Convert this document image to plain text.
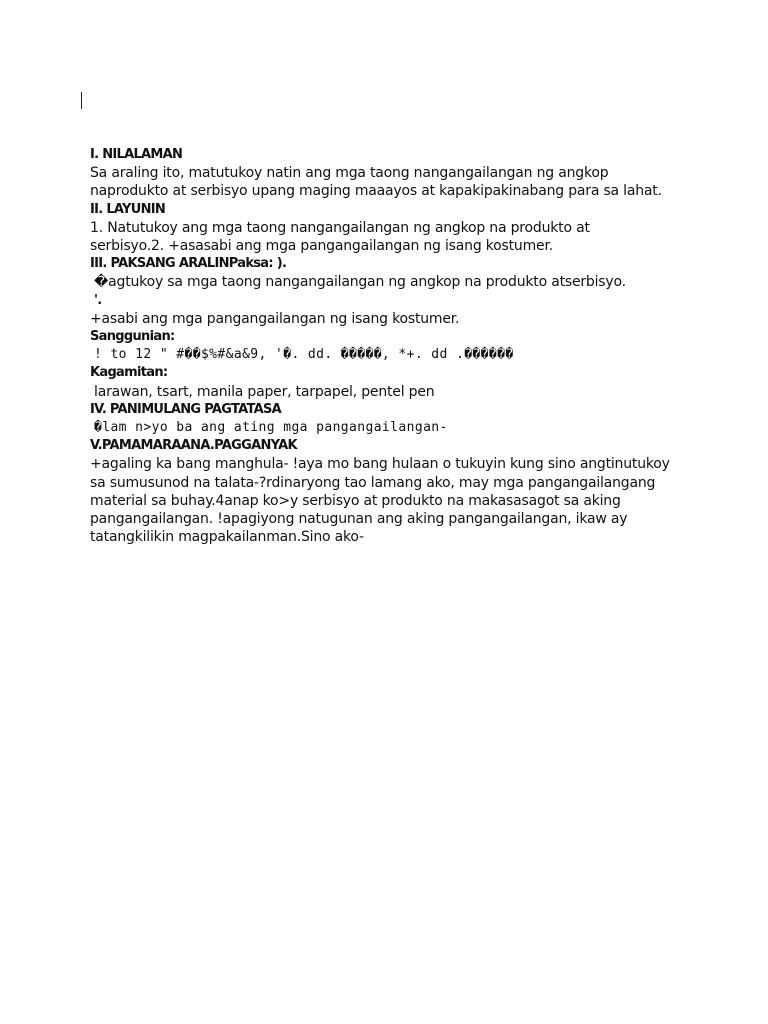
I. NILALAMAN
Sa araling ito, matutukoy natin ang mga taong nangangailangan ng angkop
naprodukto at serbisyo upang maging maaayos at kapakipakinabang para sa lahat.
II. LAYUNIN
1. Natutukoy ang mga taong nangangailangan ng angkop na produkto at
serbisyo.2. +asasabi ang mga pangangailangan ng isang kostumer.
III. PAKSANG ARALINPaksa: ).
�agtukoy sa mga taong nangangailangan ng angkop na produkto atserbisyo.
'.
+asabi ang mga pangangailangan ng isang kostumer.
Sanggunian:
! to 12 " #��$%#&a&9, '�. dd. �����, *+. dd .������
Kagamitan:
larawan, tsart, manila paper, tarpapel, pentel pen
IV. PANIMULANG PAGTATASA
�lam n>yo ba ang ating mga pangangailangan-
V.PAMAMARAANA.PAGGANYAK
+agaling ka bang manghula- !aya mo bang hulaan o tukuyin kung sino angtinutukoy
sa sumusunod na talata-?rdinaryong tao lamang ako, may mga pangangailangang
material sa buhay.4anap ko>y serbisyo at produkto na makasasagot sa aking
pangangailangan. !apagiyong natugunan ang aking pangangailangan, ikaw ay
tatangkilikin magpakailanman.Sino ako-
